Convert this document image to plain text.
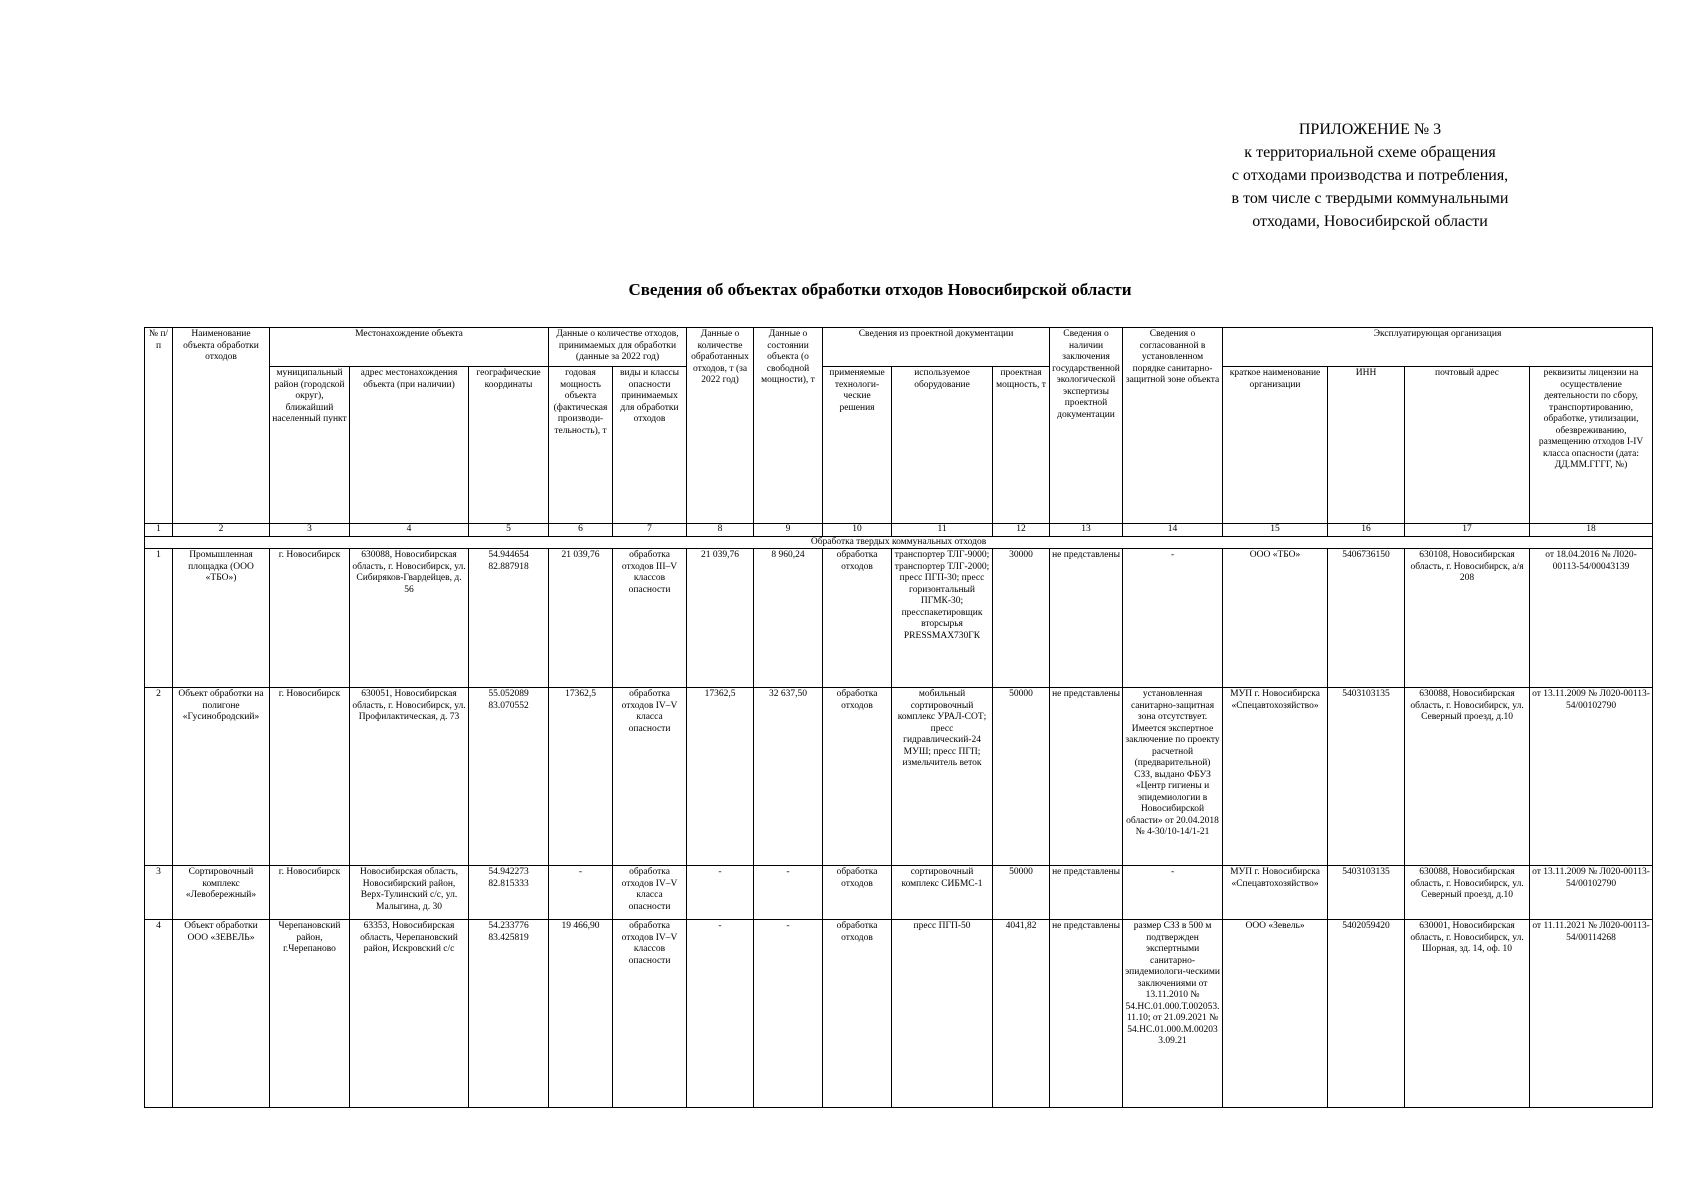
ПРИЛОЖЕНИЕ № 3
к территориальной схеме обращения
с отходами производства и потребления,
в том числе с твердыми коммунальными
отходами, Новосибирской области
Сведения об объектах обработки отходов Новосибирской области
№ п/п	Наименование объекта обработки отходов	Местонахождение объекта			Данные о количестве отходов, принимаемых для обработки (данные за 2022 год)		Данные о количестве обработанных отходов, т (за 2022 год)	Данные о состоянии объекта (о свободной мощности), т	Сведения из проектной документации			Сведения о наличии заключения государственной экологической экспертизы проектной документации	Сведения о согласованной в установленном порядке санитарно-защитной зоне объекта	Эксплуатирующая организация			
		муниципальный район (городской округ), ближайший населенный пункт	адрес местонахождения объекта (при наличии)	географические координаты	годовая мощность объекта (фактическая производи-тельность), т	виды и классы опасности принимаемых для обработки отходов			применяемые технологи-ческие решения	используемое оборудование	проектная мощность, т			краткое наименование организации	ИНН	почтовый адрес	реквизиты лицензии на осуществление деятельности по сбору, транспортированию, обработке, утилизации, обезвреживанию, размещению отходов I-IV класса опасности (дата: ДД.ММ.ГГГГ, №)
1	2	3	4	5	6	7	8	9	10	11	12	13	14	15	16	17	18
Обработка твердых коммунальных отходов																	
1	Промышленная площадка (ООО «ТБО»)	г. Новосибирск	630088, Новосибирская область, г. Новосибирск, ул. Сибиряков-Гвардейцев, д. 56	54.944654 82.887918	21 039,76	обработка отходов III–V классов опасности	21 039,76	8 960,24	обработка отходов	транспортер ТЛГ-9000; транспортер ТЛГ-2000; пресс ПГП-30; пресс горизонтальный ПГМК-30; пресспакетировщик вторсырья PRESSMAX730ГК	30000	не представлены	-	ООО «ТБО»	5406736150	630108, Новосибирская область, г. Новосибирск, а/я 208	от 18.04.2016 № Л020-00113-54/00043139
2	Объект обработки на полигоне «Гусинобродский»	г. Новосибирск	630051, Новосибирская область, г. Новосибирск, ул. Профилактическая, д. 73	55.052089 83.070552	17362,5	обработка отходов IV–V класса опасности	17362,5	32 637,50	обработка отходов	мобильный сортировочный комплекс УРАЛ-СОТ; пресс гидравлический-24 МУШ; пресс ПГП; измельчитель веток	50000	не представлены	установленная санитарно-защитная зона отсутствует. Имеется экспертное заключение по проекту расчетной (предварительной) СЗЗ, выдано ФБУЗ «Центр гигиены и эпидемиологии в Новосибирской области» от 20.04.2018 № 4-30/10-14/1-21	МУП г. Новосибирска «Спецавтохозяйство»	5403103135	630088, Новосибирская область, г. Новосибирск, ул. Северный проезд, д.10	от 13.11.2009 № Л020-00113-54/00102790
3	Сортировочный комплекс «Левобережный»	г. Новосибирск	Новосибирская область, Новосибирский район, Верх-Тулинский с/с, ул. Малыгина, д. 30	54.942273 82.815333	-	обработка отходов IV–V класса опасности	-	-	обработка отходов	сортировочный комплекс СИБМС-1	50000	не представлены	-	МУП г. Новосибирска «Спецавтохозяйство»	5403103135	630088, Новосибирская область, г. Новосибирск, ул. Северный проезд, д.10	от 13.11.2009 № Л020-00113-54/00102790
4	Объект обработки ООО «ЗЕВЕЛЬ»	Черепановский район, г.Черепаново	63353, Новосибирская область, Черепановский район, Искровский с/с	54.233776 83.425819	19 466,90	обработка отходов IV–V классов опасности	-	-	обработка отходов	пресс ПГП-50	4041,82	не представлены	размер СЗЗ в 500 м подтвержден экспертными санитарно-эпидемиологи-ческими заключениями от 13.11.2010 № 54.НС.01.000.Т.002053.11.10; от 21.09.2021 № 54.НС.01.000.М.002033.09.21	ООО «Зевель»	5402059420	630001, Новосибирская область, г. Новосибирск, ул. Шорная, зд. 14, оф. 10	от 11.11.2021 № Л020-00113-54/00114268
